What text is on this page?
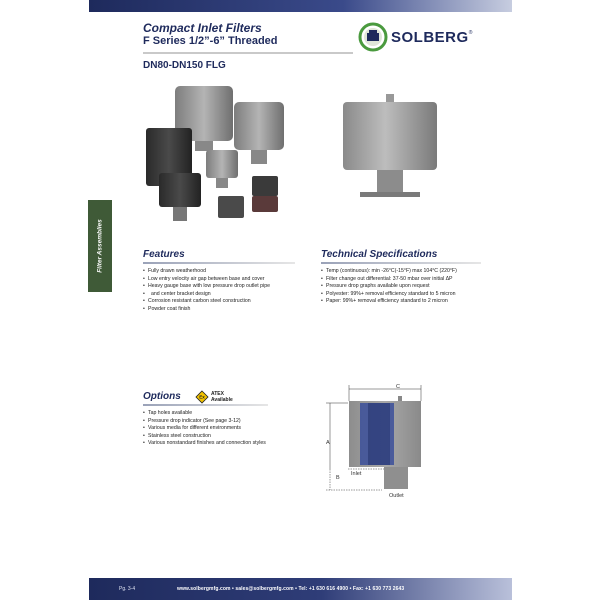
Compact Inlet Filters
F Series 1/2”-6” Threaded
DN80-DN150 FLG
SOLBERG ®
Filter Assemblies	Features
• Fully drawn weatherhood
• Low entry velocity air gap between base and cover
• Heavy gauge base with low pressure drop outlet pipe
• and center bracket design
• Corrosion resistant carbon steel construction
• Powder coat finish
Technical Specifications
• Temp (continuous): min -26°C(-15°F) max 104°C (220°F)
• Filter change out differential: 37-50 mbar over initial ΔP
• Pressure drop graphs available upon request
• Polyester: 99%+ removal efficiency standard to 5 micron
• Paper: 99%+ removal efficiency standard to 2 micron
Options	Ex
ATEX
Available
• Tap holes available
• Pressure drop indicator (See page 3-12)
• Various media for different environments
• Stainless steel construction
• Various nonstandard finishes and connection styles
C
A
B
Inlet
Outlet
Pg. 3-4	www.solbergmfg.com • sales@solbergmfg.com • Tel: +1 630 616 4900 • Fax: +1 630 773 2643
